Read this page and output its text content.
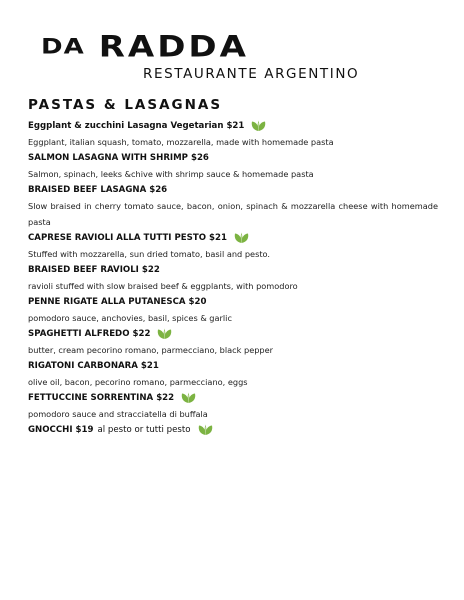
DA RADDA
RESTAURANTE ARGENTINO
PASTAS & LASAGNAS
Eggplant & zucchini Lasagna Vegetarian $21
Eggplant, italian squash, tomato, mozzarella, made with homemade pasta
SALMON LASAGNA WITH SHRIMP $26
Salmon, spinach, leeks &chive with shrimp sauce & homemade pasta
BRAISED BEEF LASAGNA $26
Slow braised in cherry tomato sauce, bacon, onion, spinach & mozzarella cheese with homemade pasta
CAPRESE RAVIOLI ALLA TUTTI PESTO $21
Stuffed with mozzarella, sun dried tomato, basil and pesto.
BRAISED BEEF RAVIOLI $22
ravioli stuffed with slow braised beef & eggplants, with pomodoro
PENNE RIGATE ALLA PUTANESCA $20
pomodoro sauce, anchovies, basil, spices & garlic
SPAGHETTI ALFREDO $22
butter, cream pecorino romano, parmecciano, black pepper
RIGATONI CARBONARA $21
olive oil, bacon, pecorino romano, parmecciano, eggs
FETTUCCINE SORRENTINA $22
pomodoro sauce and stracciatella di buffala
GNOCCHI $19 al pesto or tutti pesto
